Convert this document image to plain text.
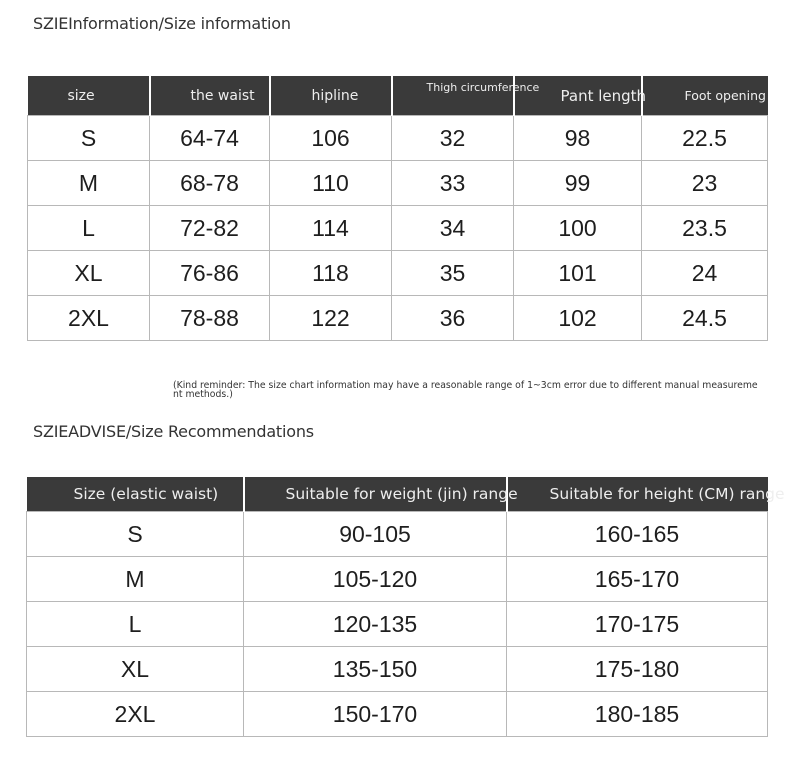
SZIEInformation/Size information
size	the waist	hipline	Thigh circumference	Pant length	Foot opening
S	64-74	106	32	98	22.5
M	68-78	110	33	99	23
L	72-82	114	34	100	23.5
XL	76-86	118	35	101	24
2XL	78-88	122	36	102	24.5
(Kind reminder: The size chart information may have a reasonable range of 1~3cm error due to different manual measureme
nt methods.)
SZIEADVISE/Size Recommendations
Size (elastic waist)	Suitable for weight (jin) range	Suitable for height (CM) range
S	90-105	160-165
M	105-120	165-170
L	120-135	170-175
XL	135-150	175-180
2XL	150-170	180-185
